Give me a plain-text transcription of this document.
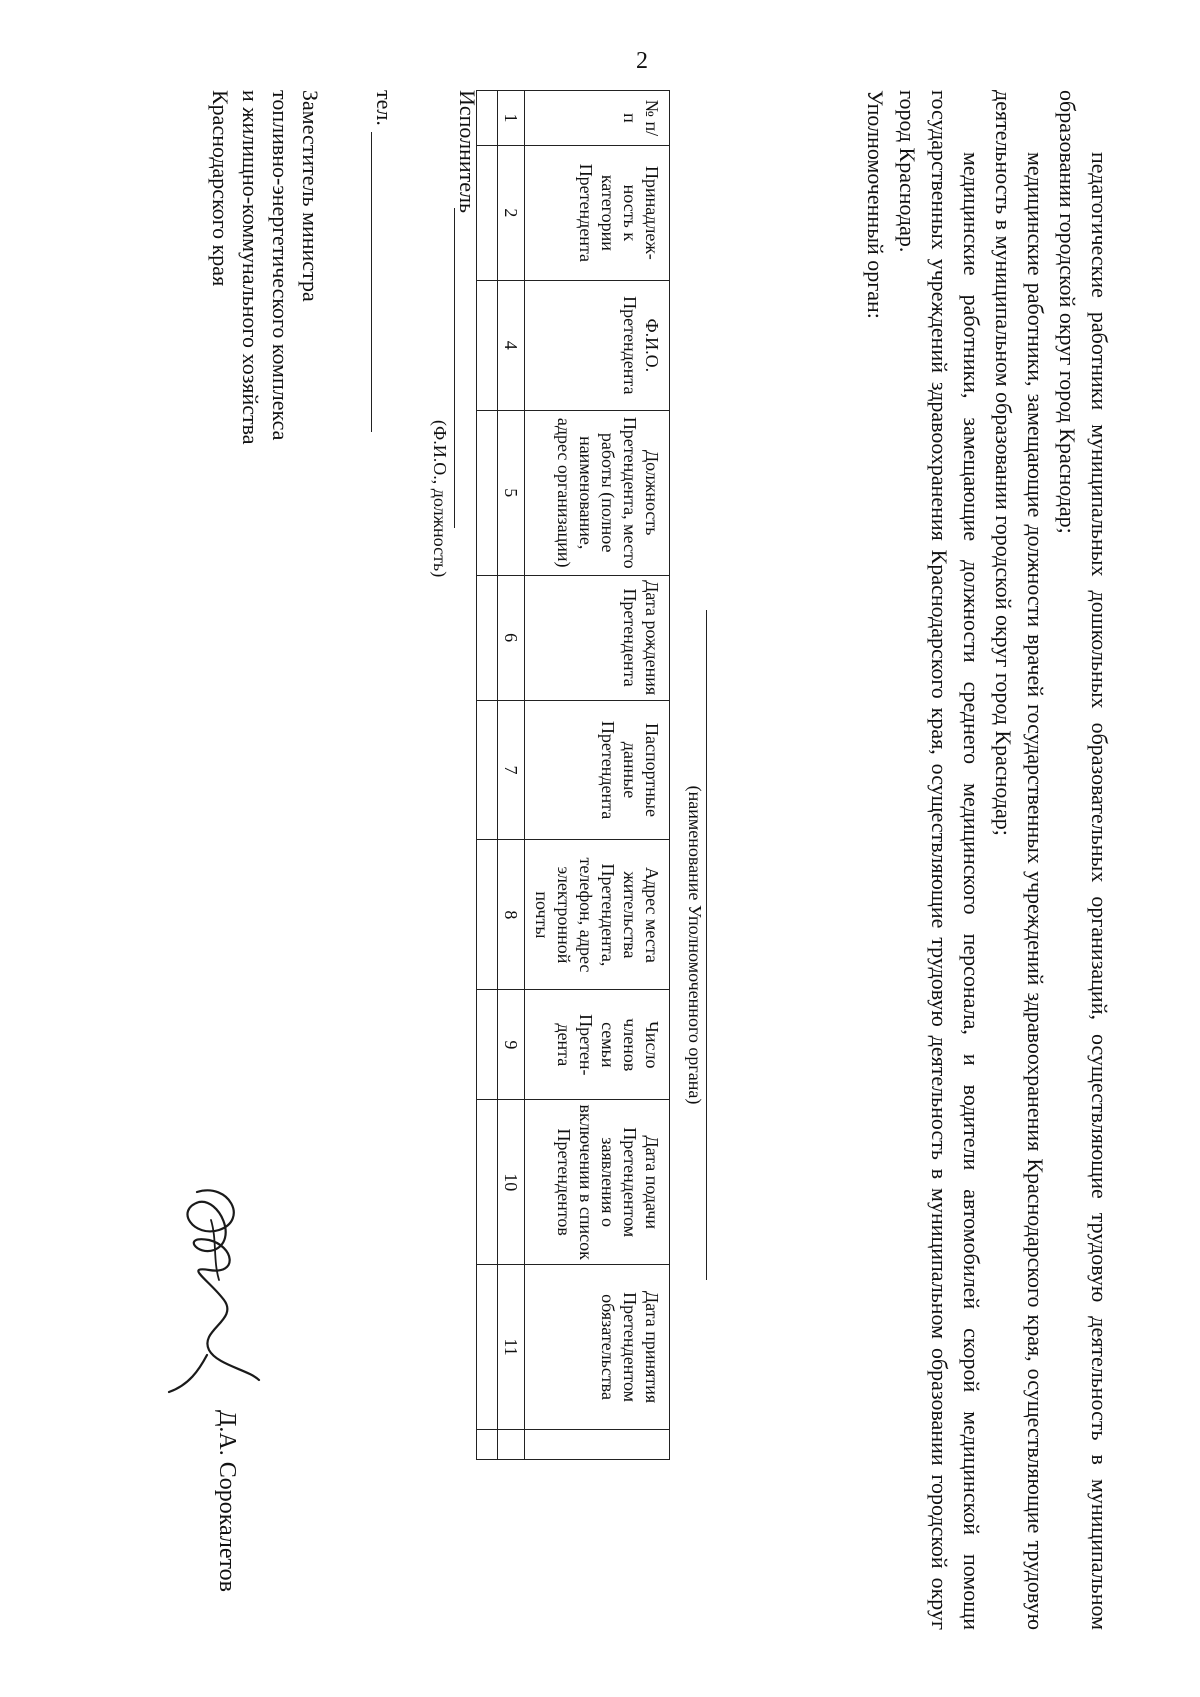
2

педагогические работники муниципальных дошкольных образовательных организаций, осуществляющие трудовую деятельность в муниципальном образовании городской округ город Краснодар;

медицинские работники, замещающие должности врачей государственных учреждений здравоохранения Краснодарского края, осуществляющие трудовую деятельность в муниципальном образовании городской округ город Краснодар;

медицинские работники, замещающие должности среднего медицинского персонала, и водители автомобилей скорой медицинской помощи государственных учреждений здравоохранения Краснодарского края, осуществляющие трудовую деятельность в муниципальном образовании городской округ город Краснодар.

Уполномоченный орган:

(наименование Уполномоченного органа)
№ п/п	Принадлеж-ность к категории Претендента	Ф.И.О. Претендента	Должность Претендента, место работы (полное наименование, адрес организации)	Дата рождения Претендента	Паспортные данные Претендента	Адрес места жительства Претендента, телефон, адрес электронной почты	Число членов семьи Претен-дента	Дата подачи Претендентом заявления о включении в список Претендентов	Дата принятия Претендентом обязательства	
1	2	4	5	6	7	8	9	10	11	

Исполнитель
(Ф.И.О., должность)
тел.
Заместитель министра
топливно-энергетического комплекса
и жилищно-коммунального хозяйства
Краснодарского края
Д.А. Сорокалетов
